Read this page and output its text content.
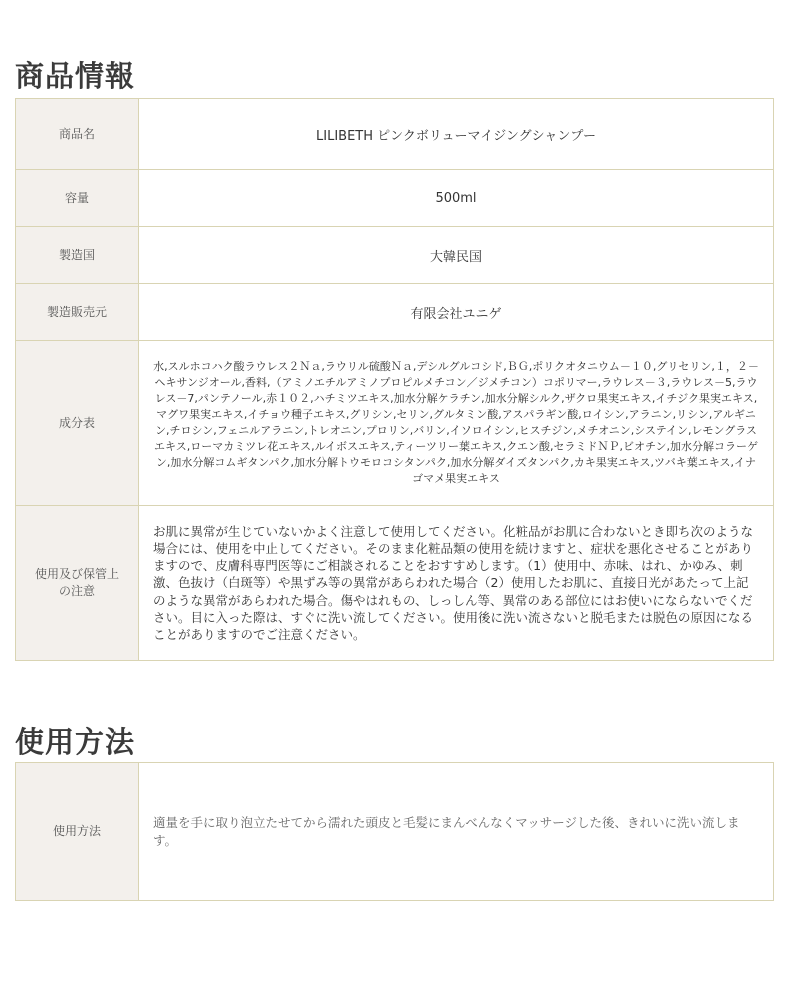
商品情報
商品名	LILIBETH ピンクボリューマイジングシャンプー
容量	500ml
製造国	大韓民国
製造販売元	有限会社ユニゲ
成分表	水,スルホコハク酸ラウレス２Ｎａ,ラウリル硫酸Ｎａ,デシルグルコシド,ＢＧ,ポリクオタニウム－１０,グリセリン,１，２－ヘキサンジオール,香料,（アミノエチルアミノプロピルメチコン／ジメチコン）コポリマー,ラウレス－３,ラウレス－5,ラウレス－7,パンテノール,赤１０２,ハチミツエキス,加水分解ケラチン,加水分解シルク,ザクロ果実エキス,イチジク果実エキス,マグワ果実エキス,イチョウ種子エキス,グリシン,セリン,グルタミン酸,アスパラギン酸,ロイシン,アラニン,リシン,アルギニン,チロシン,フェニルアラニン,トレオニン,プロリン,バリン,イソロイシン,ヒスチジン,メチオニン,システイン,レモングラスエキス,ローマカミツレ花エキス,ルイボスエキス,ティーツリー葉エキス,クエン酸,セラミドＮＰ,ビオチン,加水分解コラーゲン,加水分解コムギタンパク,加水分解トウモロコシタンパク,加水分解ダイズタンパク,カキ果実エキス,ツバキ葉エキス,イナゴマメ果実エキス
使用及び保管上の注意	お肌に異常が生じていないかよく注意して使用してください。化粧品がお肌に合わないとき即ち次のような場合には、使用を中止してください。そのまま化粧品類の使用を続けますと、症状を悪化させることがありますので、皮膚科専門医等にご相談されることをおすすめします。（1）使用中、赤味、はれ、かゆみ、刺激、色抜け（白斑等）や黒ずみ等の異常があらわれた場合（2）使用したお肌に、直接日光があたって上記のような異常があらわれた場合。傷やはれもの、しっしん等、異常のある部位にはお使いにならないでください。目に入った際は、すぐに洗い流してください。使用後に洗い流さないと脱毛または脱色の原因になることがありますのでご注意ください。
使用方法
使用方法	適量を手に取り泡立たせてから濡れた頭皮と毛髪にまんべんなくマッサージした後、きれいに洗い流します。
